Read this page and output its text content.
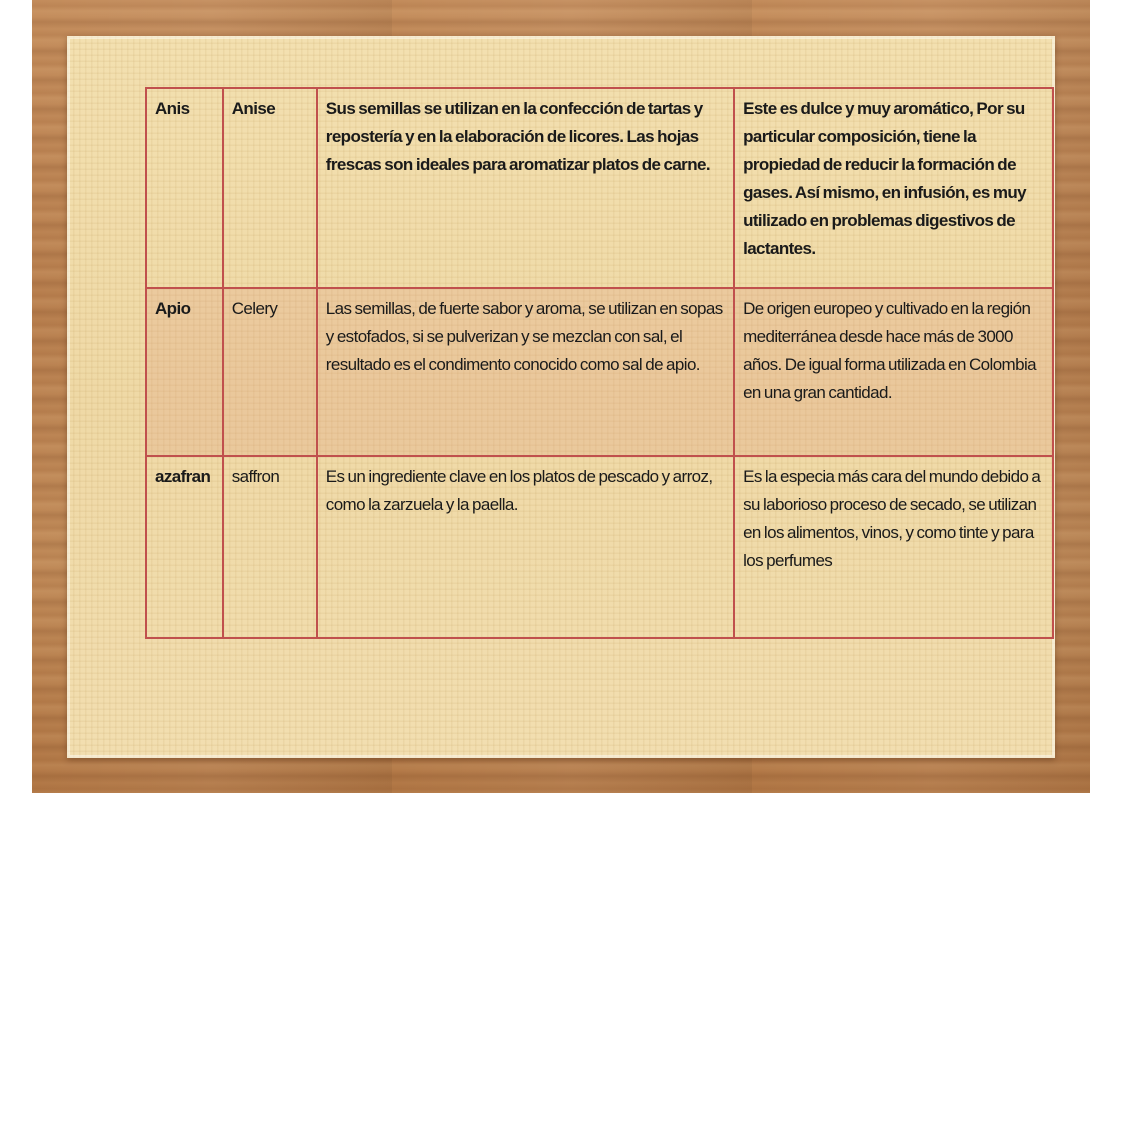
Anis	Anise	Sus semillas se utilizan en la confección de tartas y repostería y en la elaboración de licores. Las hojas frescas son ideales para aromatizar platos de carne.	Este es dulce y muy aromático, Por su particular composición, tiene la propiedad de reducir la formación de gases. Así mismo, en infusión, es muy utilizado en problemas digestivos de lactantes.
Apio	Celery	Las semillas, de fuerte sabor y aroma, se utilizan en sopas y estofados, si se pulverizan y se mezclan con sal, el resultado es el condimento conocido como sal de apio.	De origen europeo y cultivado en la región mediterránea desde hace más de 3000 años. De igual forma utilizada en Colombia en una gran cantidad.
azafran	saffron	Es un ingrediente clave en los platos de pescado y arroz, como la zarzuela y la paella.	Es la especia más cara del mundo debido a su laborioso proceso de secado, se utilizan en los alimentos, vinos, y como tinte y para los perfumes
